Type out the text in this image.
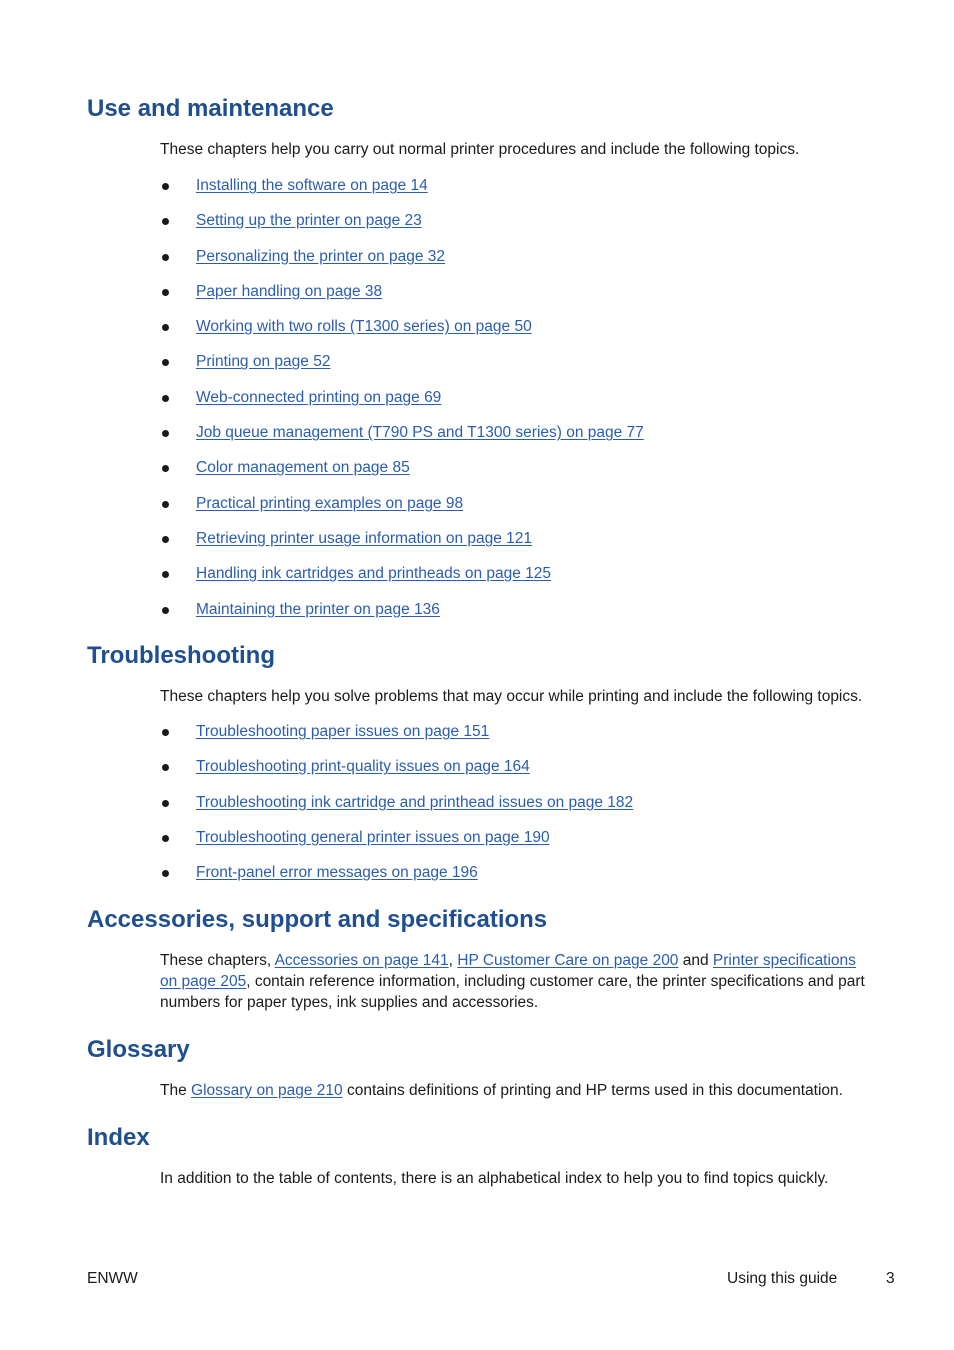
Use and maintenance

These chapters help you carry out normal printer procedures and include the following topics.

Installing the software on page 14
Setting up the printer on page 23
Personalizing the printer on page 32
Paper handling on page 38
Working with two rolls (T1300 series) on page 50
Printing on page 52
Web-connected printing on page 69
Job queue management (T790 PS and T1300 series) on page 77
Color management on page 85
Practical printing examples on page 98
Retrieving printer usage information on page 121
Handling ink cartridges and printheads on page 125
Maintaining the printer on page 136
Troubleshooting

These chapters help you solve problems that may occur while printing and include the following topics.

Troubleshooting paper issues on page 151
Troubleshooting print-quality issues on page 164
Troubleshooting ink cartridge and printhead issues on page 182
Troubleshooting general printer issues on page 190
Front-panel error messages on page 196
Accessories, support and specifications

These chapters, Accessories on page 141, HP Customer Care on page 200 and Printer specifications on page 205, contain reference information, including customer care, the printer specifications and part numbers for paper types, ink supplies and accessories.

Glossary

The Glossary on page 210 contains definitions of printing and HP terms used in this documentation.

Index

In addition to the table of contents, there is an alphabetical index to help you to find topics quickly.

ENWW	Using this guide	3
